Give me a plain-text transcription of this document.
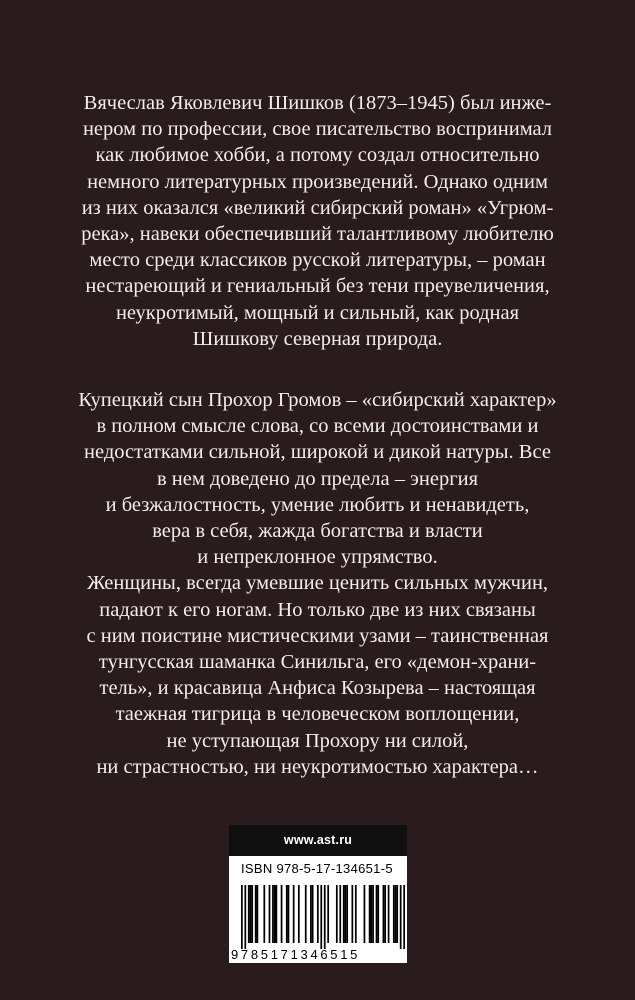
Вячеслав Яковлевич Шишков (1873–1945) был инже-
нером по профессии, свое писательство воспринимал
как любимое хобби, а потому создал относительно
немного литературных произведений. Однако одним
из них оказался «великий сибирский роман» «Угрюм-
река», навеки обеспечивший талантливому любителю
место среди классиков русской литературы, – роман
нестареющий и гениальный без тени преувеличения,
неукротимый, мощный и сильный, как родная
Шишкову северная природа.
Купецкий сын Прохор Громов – «сибирский характер»
в полном смысле слова, со всеми достоинствами и
недостатками сильной, широкой и дикой натуры. Все
в нем доведено до предела – энергия
и безжалостность, умение любить и ненавидеть,
вера в себя, жажда богатства и власти
и непреклонное упрямство.
Женщины, всегда умевшие ценить сильных мужчин,
падают к его ногам. Но только две из них связаны
с ним поистине мистическими узами – таинственная
тунгусская шаманка Синильга, его «демон-храни-
тель», и красавица Анфиса Козырева – настоящая
таежная тигрица в человеческом воплощении,
не уступающая Прохору ни силой,
ни страстностью, ни неукротимостью характера…
www.ast.ru
ISBN 978-5-17-134651-5
9785171346515
